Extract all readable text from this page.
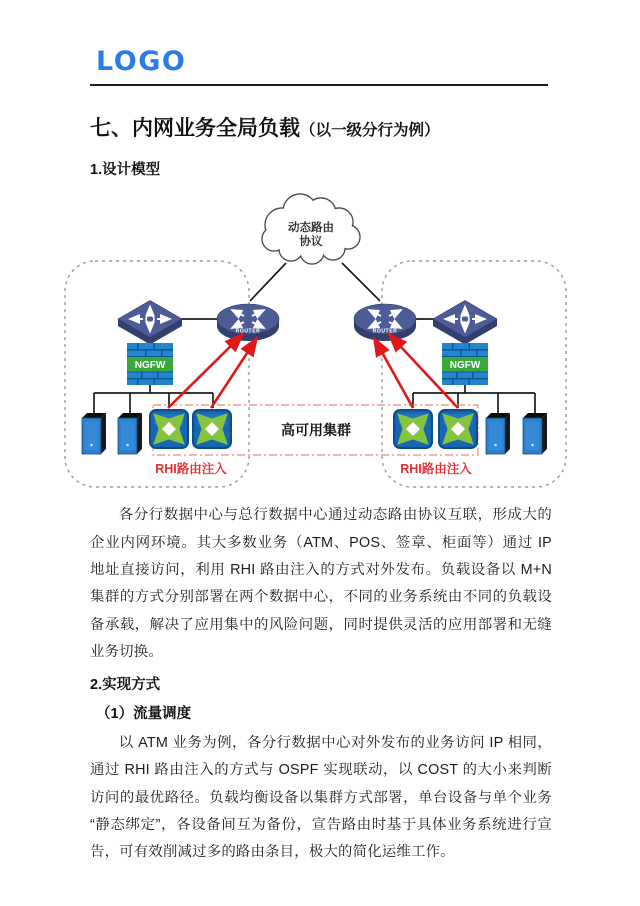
LOGO
七、内网业务全局负载（以一级分行为例）
1.设计模型
动态路由
协议
ROUTER	ROUTER
NGFW	NGFW
高可用集群
RHI路由注入	RHI路由注入

各分行数据中心与总行数据中心通过动态路由协议互联，形成大的企业内网环境。其大多数业务（ATM、POS、签章、柜面等）通过 IP 地址直接访问，利用 RHI 路由注入的方式对外发布。负载设备以 M+N 集群的方式分别部署在两个数据中心，不同的业务系统由不同的负载设备承载，解决了应用集中的风险问题，同时提供灵活的应用部署和无缝业务切换。

2.实现方式
（1）流量调度

以 ATM 业务为例，各分行数据中心对外发布的业务访问 IP 相同，通过 RHI 路由注入的方式与 OSPF 实现联动，以 COST 的大小来判断访问的最优路径。负载均衡设备以集群方式部署，单台设备与单个业务 “静态绑定”，各设备间互为备份，宣告路由时基于具体业务系统进行宣告，可有效削减过多的路由条目，极大的简化运维工作。
